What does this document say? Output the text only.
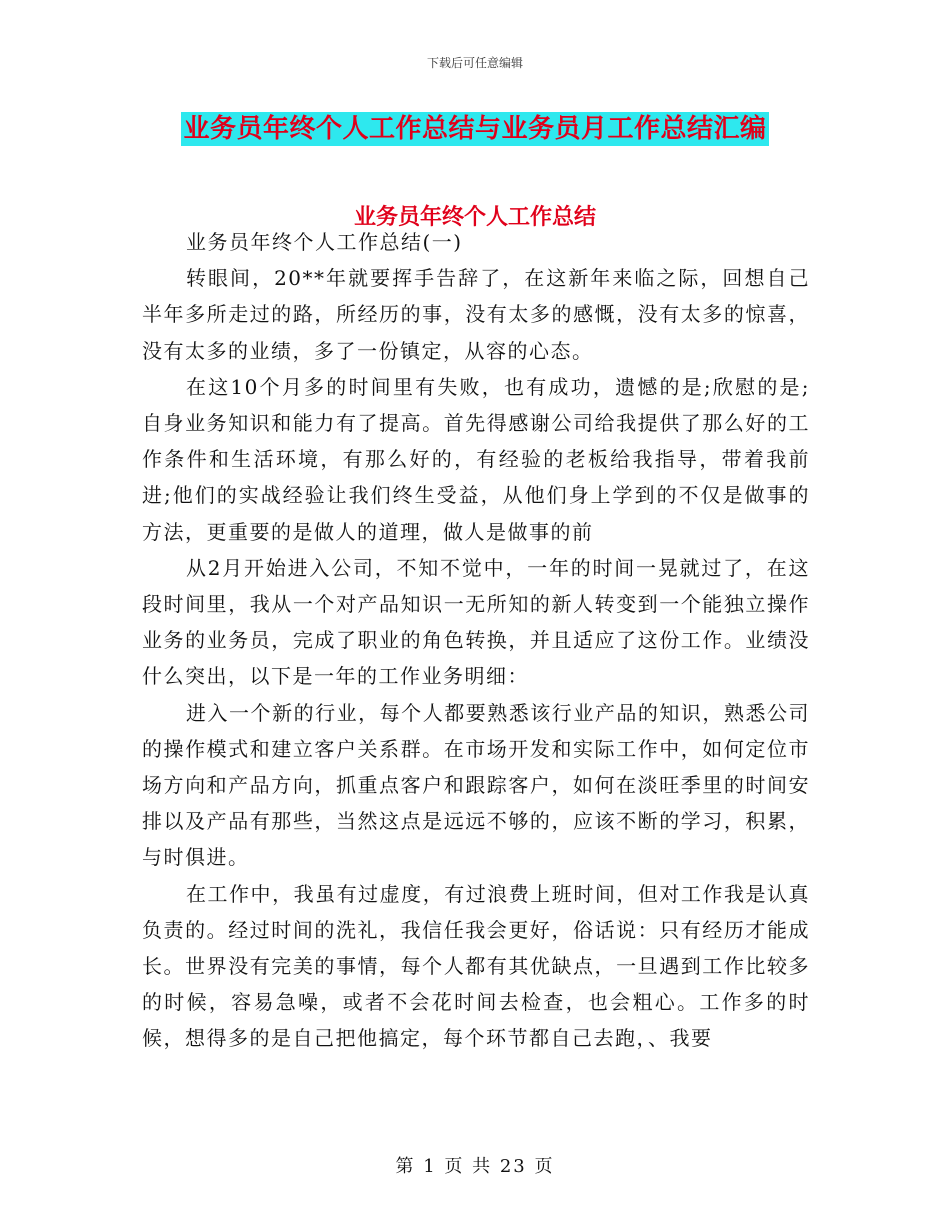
下载后可任意编辑
业务员年终个人工作总结与业务员月工作总结汇编
业务员年终个人工作总结

业务员年终个人工作总结(一)

转眼间，20**年就要挥手告辞了，在这新年来临之际，回想自己半年多所走过的路，所经历的事，没有太多的感慨，没有太多的惊喜，没有太多的业绩，多了一份镇定，从容的心态。

在这10个月多的时间里有失败，也有成功，遗憾的是;欣慰的是;自身业务知识和能力有了提高。首先得感谢公司给我提供了那么好的工作条件和生活环境，有那么好的，有经验的老板给我指导，带着我前进;他们的实战经验让我们终生受益，从他们身上学到的不仅是做事的方法，更重要的是做人的道理，做人是做事的前

从2月开始进入公司，不知不觉中，一年的时间一晃就过了，在这段时间里，我从一个对产品知识一无所知的新人转变到一个能独立操作业务的业务员，完成了职业的角色转换，并且适应了这份工作。业绩没什么突出，以下是一年的工作业务明细：

进入一个新的行业，每个人都要熟悉该行业产品的知识，熟悉公司的操作模式和建立客户关系群。在市场开发和实际工作中，如何定位市场方向和产品方向，抓重点客户和跟踪客户，如何在淡旺季里的时间安排以及产品有那些，当然这点是远远不够的，应该不断的学习，积累，与时俱进。

在工作中，我虽有过虚度，有过浪费上班时间，但对工作我是认真负责的。经过时间的洗礼，我信任我会更好，俗话说：只有经历才能成长。世界没有完美的事情，每个人都有其优缺点，一旦遇到工作比较多的时候，容易急噪，或者不会花时间去检查，也会粗心。工作多的时候，想得多的是自己把他搞定，每个环节都自己去跑，、我要

第 1 页 共 23 页
